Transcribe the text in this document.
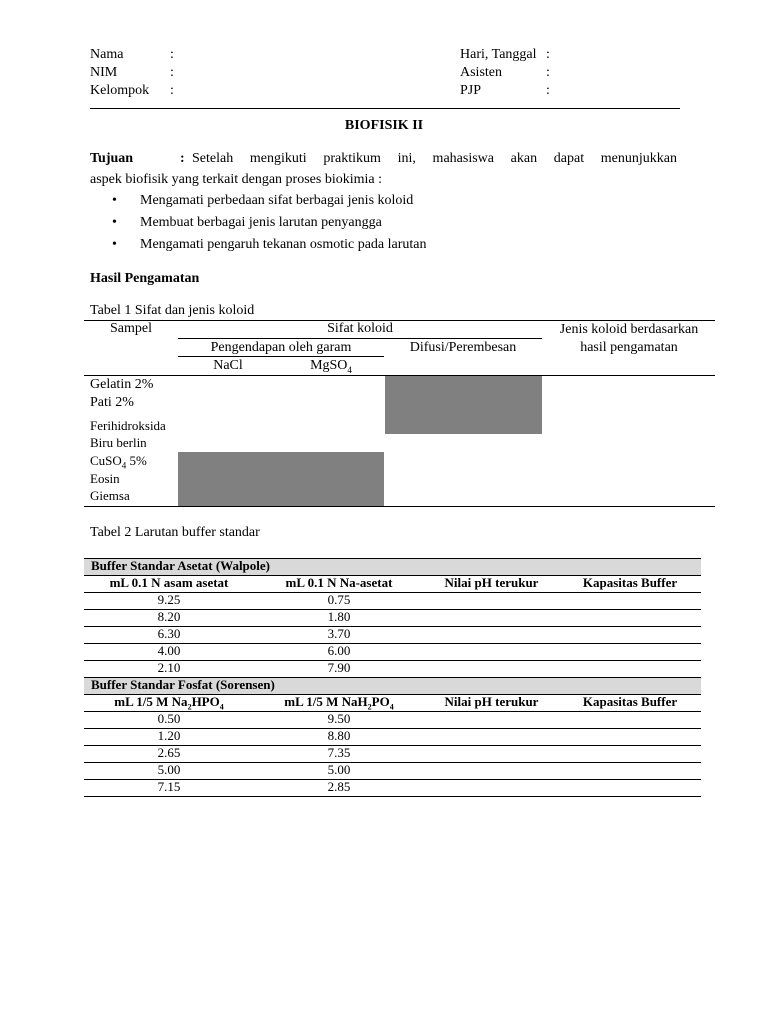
Nama	:
NIM	:
Kelompok :
Hari, Tanggal :
Asisten	:
PJP	:
BIOFISIK II
Tujuan	: Setelah mengikuti praktikum ini, mahasiswa akan dapat menunjukkan
aspek biofisik yang terkait dengan proses biokimia :
• Mengamati perbedaan sifat berbagai jenis koloid
• Membuat berbagai jenis larutan penyangga
• Mengamati pengaruh tekanan osmotic pada larutan
Hasil Pengamatan
Tabel 1 Sifat dan jenis koloid
Sampel	Sifat koloid	Jenis koloid berdasarkan
hasil pengamatan
Pengendapan oleh garam	Difusi/Perembesan
NaCl	MgSO$_4$
Gelatin 2%
Pati 2%
Ferihidroksida
Biru berlin
CuSO$_4$ 5%
Eosin
Giemsa
Tabel 2 Larutan buffer standar
Buffer Standar Asetat (Walpole)
mL 0.1 N asam asetat	mL 0.1 N Na-asetat	Nilai pH terukur	Kapasitas Buffer
9.25	0.75
8.20	1.80
6.30	3.70
4.00	6.00
2.10	7.90
Buffer Standar Fosfat (Sorensen)
mL 1/5 M $Na_2HPO_4$	mL 1/5 M $NaH_2PO_4$	Nilai pH terukur	Kapasitas Buffer
0.50	9.50
1.20	8.80
2.65	7.35
5.00	5.00
7.15	2.85
